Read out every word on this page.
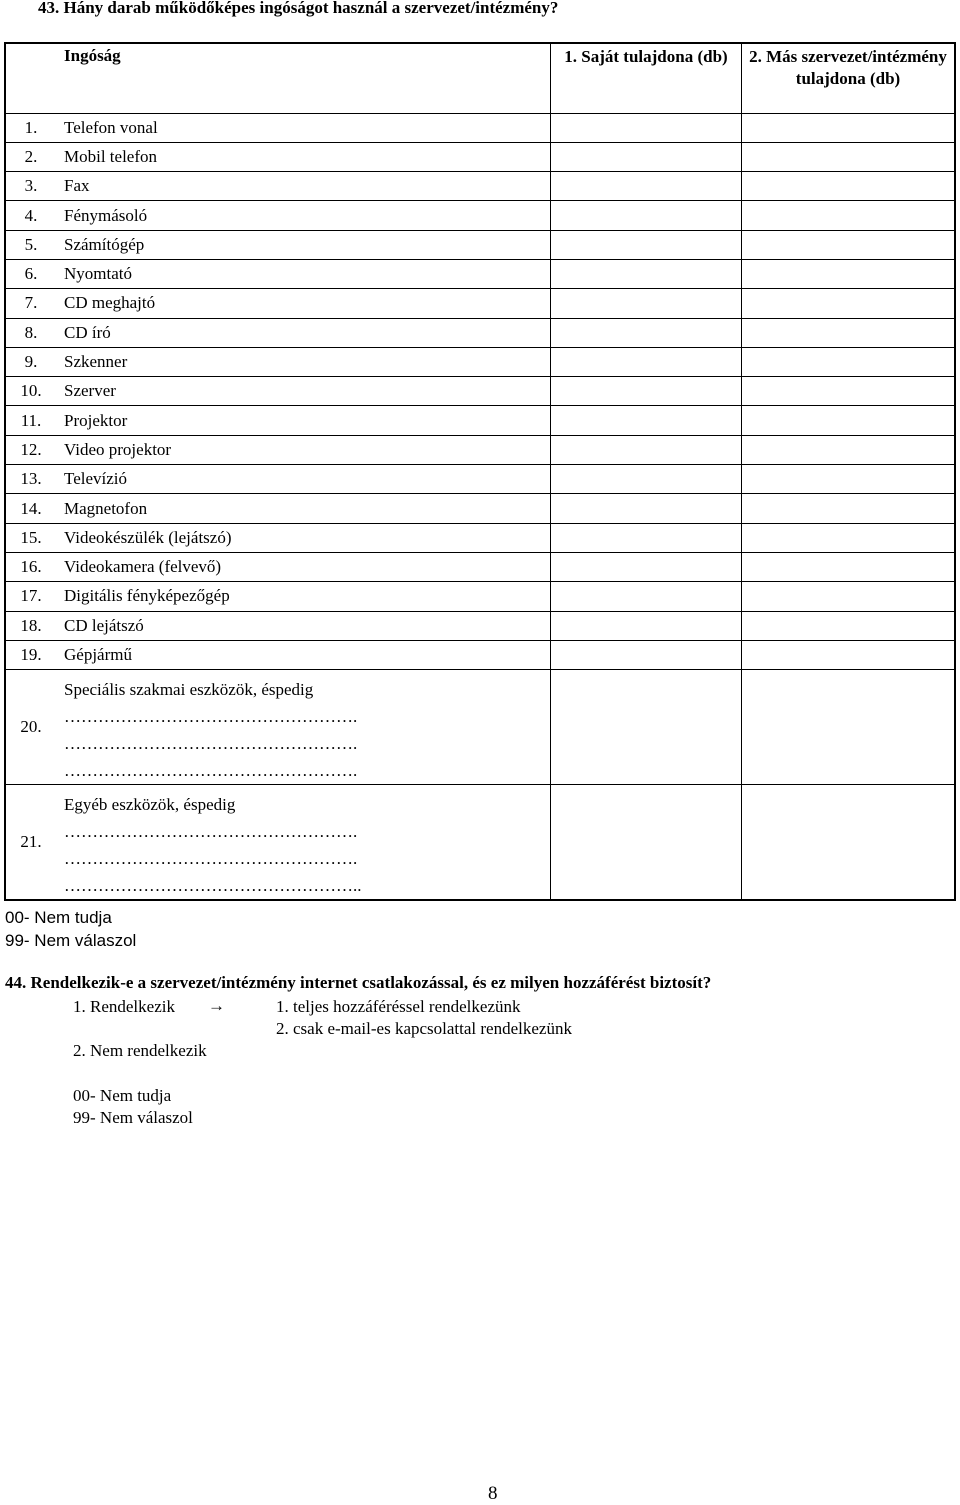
43. Hány darab működőképes ingóságot használ a szervezet/intézmény?
	Ingóság	1. Saját tulajdona (db)	2. Más szervezet/intézmény tulajdona (db)
1.	Telefon vonal		
2.	Mobil telefon		
3.	Fax		
4.	Fénymásoló		
5.	Számítógép		
6.	Nyomtató		
7.	CD meghajtó		
8.	CD író		
9.	Szkenner		
10.	Szerver		
11.	Projektor		
12.	Video projektor		
13.	Televízió		
14.	Magnetofon		
15.	Videokészülék (lejátszó)		
16.	Videokamera (felvevő)		
17.	Digitális fényképezőgép		
18.	CD lejátszó		
19.	Gépjármű		
20.	Speciális szakmai eszközök, éspedig
…………………………………………….
…………………………………………….
…………………………………………….		

21.	Egyéb eszközök, éspedig
…………………………………………….
…………………………………………….
……………………………………………..		

00- Nem tudja
99- Nem válaszol
44. Rendelkezik-e a szervezet/intézmény internet csatlakozással, és ez milyen hozzáférést biztosít?
1. Rendelkezik →	1. teljes hozzáféréssel rendelkezünk
2. csak e-mail-es kapcsolattal rendelkezünk
2. Nem rendelkezik
00- Nem tudja
99- Nem válaszol
8
